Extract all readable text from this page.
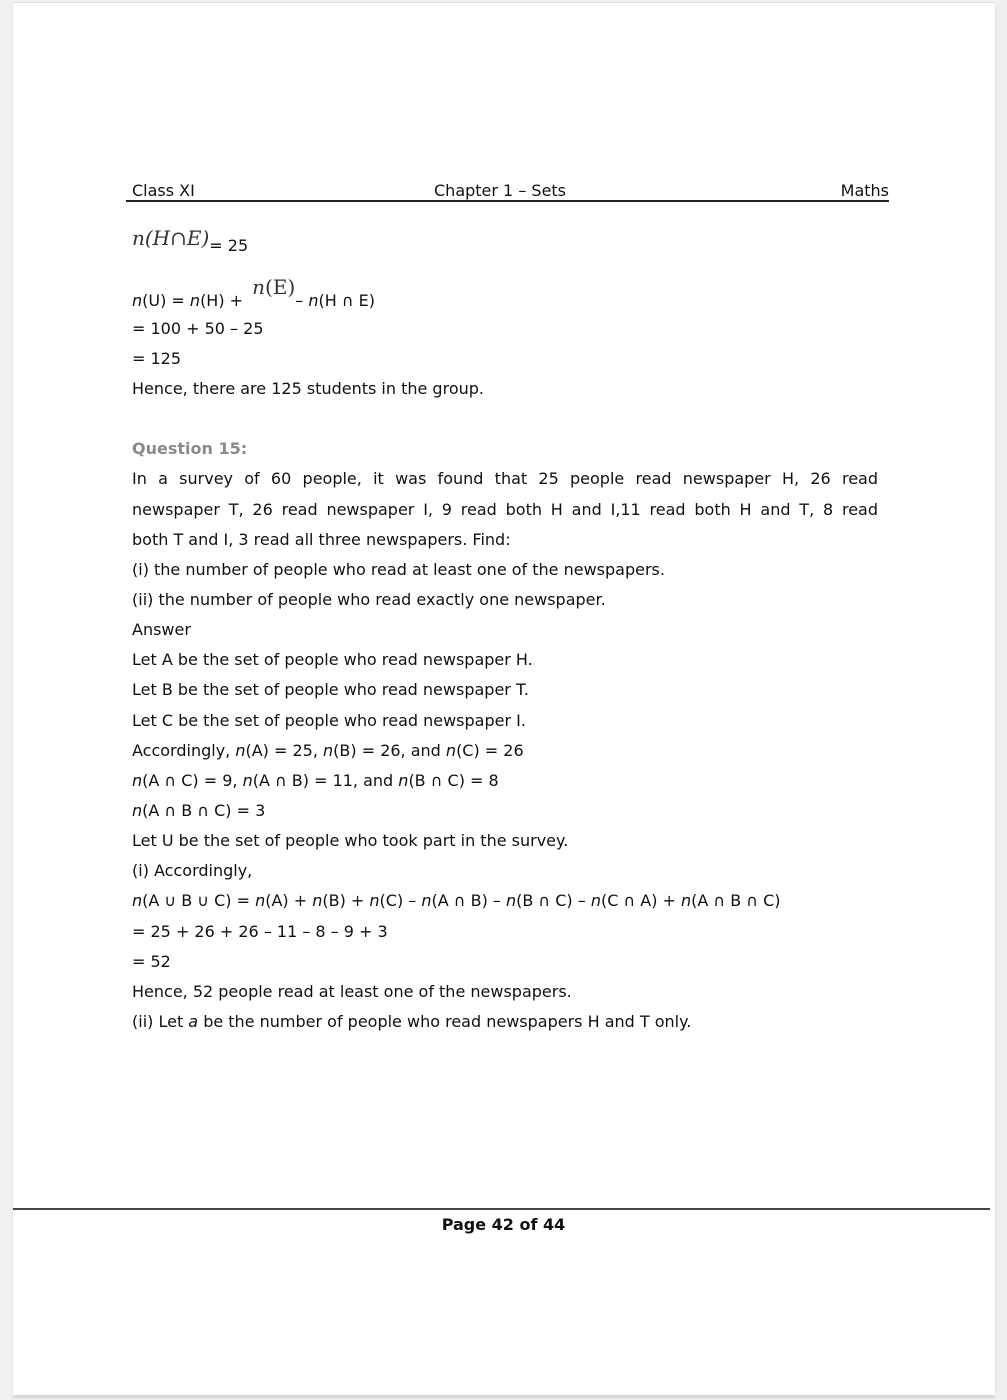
Class XI	Chapter 1 – Sets	Maths
n(H∩E)= 25
n(U) = n(H) + n(E)– n(H ∩ E)
= 100 + 50 – 25
= 125
Hence, there are 125 students in the group.
Question 15:
In a survey of 60 people, it was found that 25 people read newspaper H, 26 read
newspaper T, 26 read newspaper I, 9 read both H and I,11 read both H and T, 8 read
both T and I, 3 read all three newspapers. Find:
(i) the number of people who read at least one of the newspapers.
(ii) the number of people who read exactly one newspaper.
Answer
Let A be the set of people who read newspaper H.
Let B be the set of people who read newspaper T.
Let C be the set of people who read newspaper I.
Accordingly, n(A) = 25, n(B) = 26, and n(C) = 26
n(A ∩ C) = 9, n(A ∩ B) = 11, and n(B ∩ C) = 8
n(A ∩ B ∩ C) = 3
Let U be the set of people who took part in the survey.
(i) Accordingly,
n(A ∪ B ∪ C) = n(A) + n(B) + n(C) – n(A ∩ B) – n(B ∩ C) – n(C ∩ A) + n(A ∩ B ∩ C)
= 25 + 26 + 26 – 11 – 8 – 9 + 3
= 52
Hence, 52 people read at least one of the newspapers.
(ii) Let a be the number of people who read newspapers H and T only.
Page 42 of 44
